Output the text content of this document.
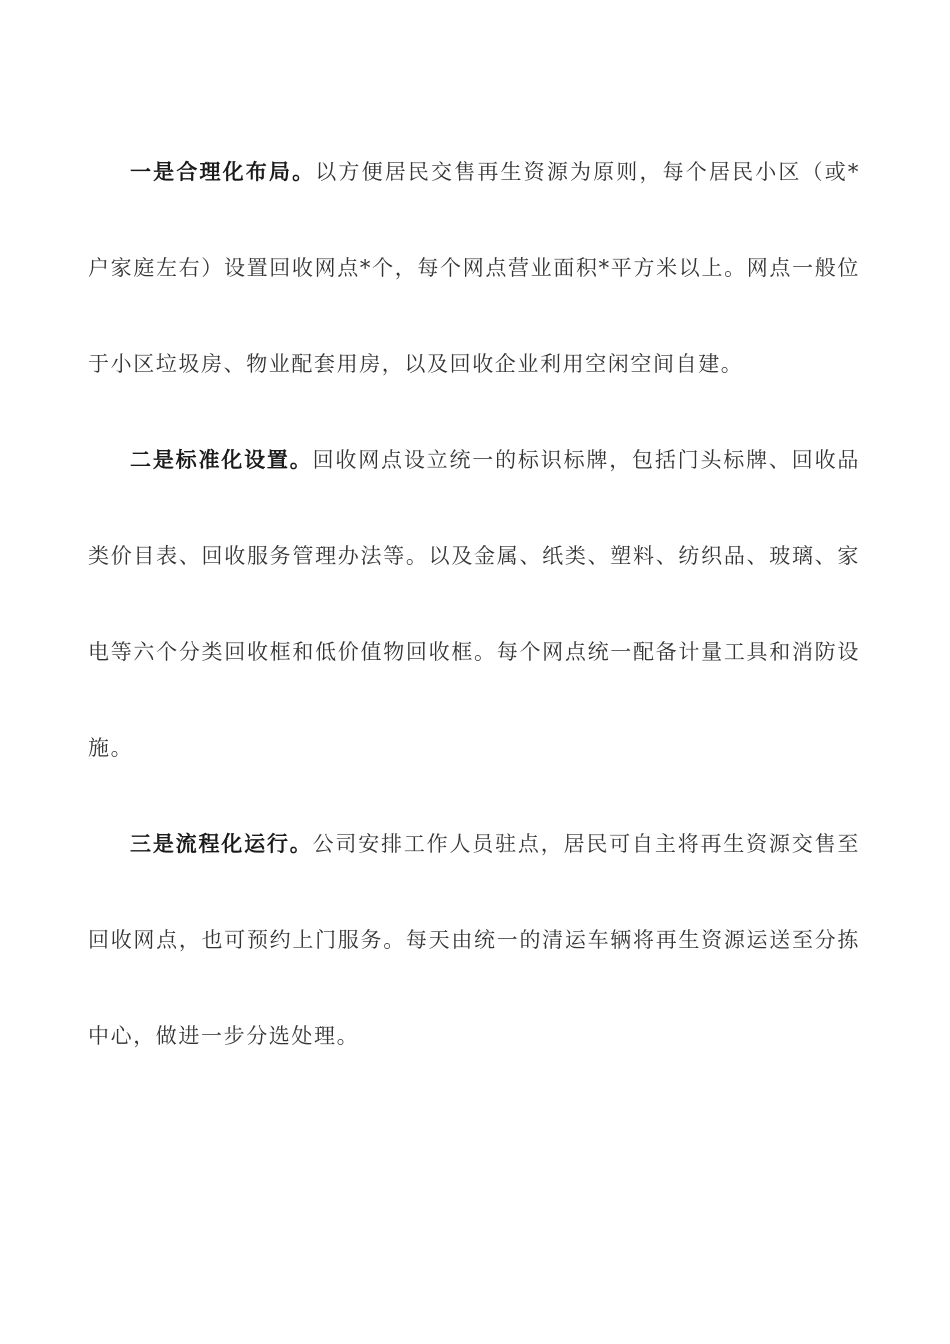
一是合理化布局。以方便居民交售再生资源为原则，每个居民小区（或*户家庭左右）设置回收网点*个，每个网点营业面积*平方米以上。网点一般位于小区垃圾房、物业配套用房，以及回收企业利用空闲空间自建。

二是标准化设置。回收网点设立统一的标识标牌，包括门头标牌、回收品类价目表、回收服务管理办法等。以及金属、纸类、塑料、纺织品、玻璃、家电等六个分类回收框和低价值物回收框。每个网点统一配备计量工具和消防设施。

三是流程化运行。公司安排工作人员驻点，居民可自主将再生资源交售至回收网点，也可预约上门服务。每天由统一的清运车辆将再生资源运送至分拣中心，做进一步分选处理。
